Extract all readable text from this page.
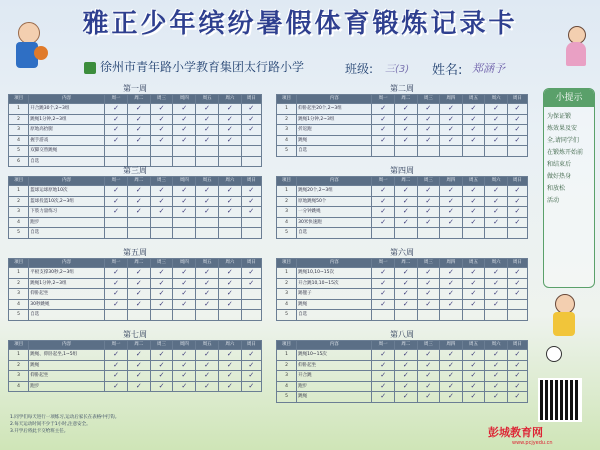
雅正少年缤纷暑假体育锻炼记录卡
徐州市青年路小学教育集团太行路小学	班级: 三(3) 姓名: 郑涵予
第一周
项目	内容	周一	周二	周三	周四	周五	周六	周日
1	开合跳30个,2~3组	✓	✓	✓	✓	✓	✓	✓
2	跳绳1分钟,2~3组	✓	✓	✓	✓	✓	✓	✓
3	原地高抬腿	✓	✓	✓	✓	✓	✓	✓
4	握手游戏	✓	✓	✓	✓	✓	✓	
5	双脚交替跳绳							
6	自选							
第二周
项目	内容	周一	周二	周三	周四	周五	周六	周日
1	仰卧起坐20个,2~3组	✓	✓	✓	✓	✓	✓	✓
2	跳绳1分钟,2~3组	✓	✓	✓	✓	✓	✓	✓
3	折返跑	✓	✓	✓	✓	✓	✓	✓
4	跳绳	✓	✓	✓	✓	✓	✓	✓
5	自选							
第三周
项目	内容	周一	周二	周三	周四	周五	周六	周日
1	篮球运球原地10次	✓	✓	✓	✓	✓	✓	✓
2	篮球投篮10次,2~3组	✓	✓	✓	✓	✓	✓	✓
3	下肢力量练习	✓	✓	✓	✓	✓	✓	✓
4	跑步							
5	自选							
第四周
项目	内容	周一	周二	周三	周四	周五	周六	周日
1	跳绳20个,2~3组	✓	✓	✓	✓	✓	✓	✓
2	原地跳绳50个	✓	✓	✓	✓	✓	✓	✓
3	一分钟跳绳	✓	✓	✓	✓	✓	✓	✓
4	30米快速跑	✓	✓	✓	✓	✓	✓	✓
5	自选							
第五周
项目	内容	周一	周二	周三	周四	周五	周六	周日
1	平板支撑30秒,2~3组	✓	✓	✓	✓	✓	✓	✓
2	跳绳1分钟,2~3组	✓	✓	✓	✓	✓	✓	✓
3	仰卧起坐	✓	✓	✓	✓	✓	✓	
4	30秒跳绳	✓	✓	✓	✓	✓	✓	
5	自选							
第六周
项目	内容	周一	周二	周三	周四	周五	周六	周日
1	跳绳10,10~15次	✓	✓	✓	✓	✓	✓	✓
2	开合跳10,10~15次	✓	✓	✓	✓	✓	✓	✓
3	踢毽子	✓	✓	✓	✓	✓	✓	✓
4	跳绳	✓	✓	✓	✓	✓	✓	
5	自选							
第七周
项目	内容	周一	周二	周三	周四	周五	周六	周日
1	跳绳、仰卧起坐,1~5组	✓	✓	✓	✓	✓	✓	✓
2	跳绳	✓	✓	✓	✓	✓	✓	✓
3	仰卧起坐	✓	✓	✓	✓	✓	✓	✓
4	跑步	✓	✓	✓	✓	✓	✓	✓
第八周
项目	内容	周一	周二	周三	周四	周五	周六	周日
1	跳绳10~15次	✓	✓	✓	✓	✓	✓	✓
2	仰卧起坐	✓	✓	✓	✓	✓	✓	✓
3	开合跳	✓	✓	✓	✓	✓	✓	✓
4	跑步	✓	✓	✓	✓	✓	✓	✓
5	跳绳	✓	✓	✓	✓	✓	✓	✓
小提示
为保证锻
炼效果及安
全,请同学们
在锻炼开始前
和结束后
做好热身
和放松
活动
1.同学们每天进行一项练习,运动后家长在表格中打钩。
2.每天运动时间不少于1小时,注意安全。
3.开学后将此卡交给班主任。	彭城教育网
www.pcjyedu.cn
